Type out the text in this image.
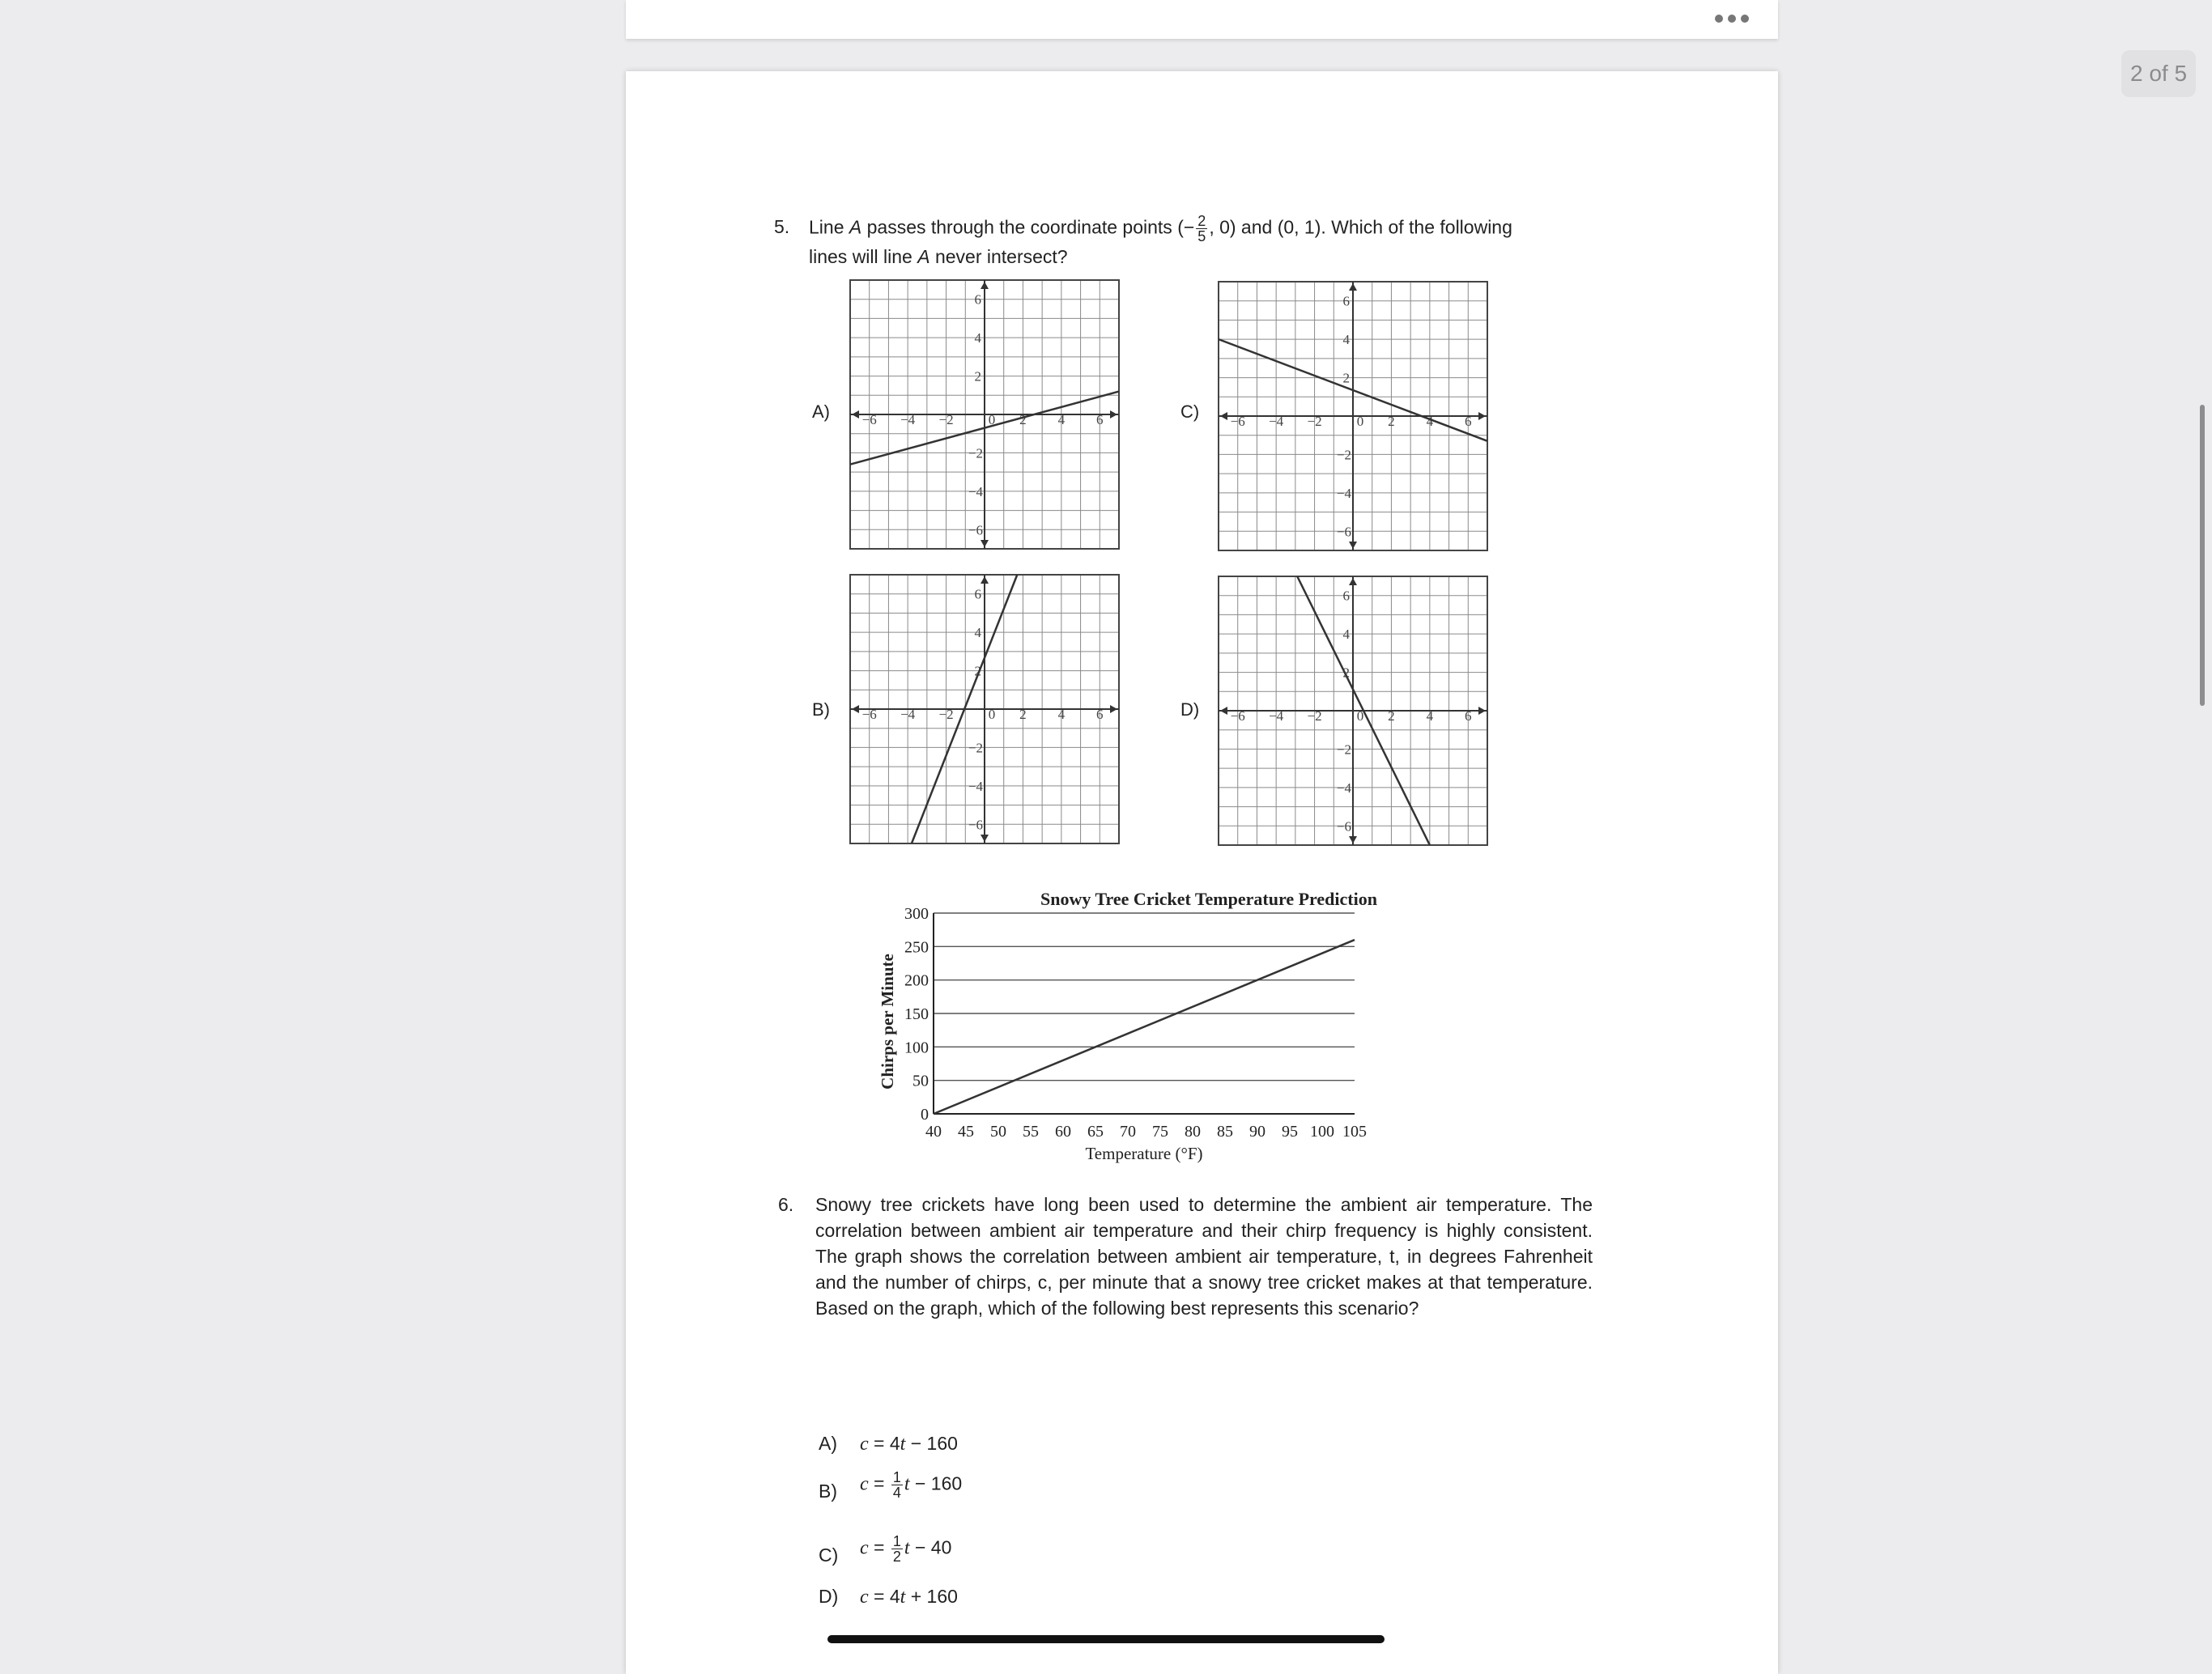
2 of 5
5. Line A passes through the coordinate points (− $\frac{2}{5}$ , 0) and (0, 1). Which of the following lines will line A never intersect?
A)	C)
B)	D)
−6 −4 −2	0 2 4 6
6
4
2
−2
−4
−6
−6 −4 −2	0 2 4 6
6
4
2
−2
−4
−6
−6 −4 −2	0 2 4 6
6
4
2
−2
−4
−6
−6 −4 −2	0 2 4 6
6
4
2
−2
−4
−6
Snowy Tree Cricket Temperature Prediction
0
50
100
150
200
250
300
40 45 50 55 60 65 70 75 80 85 90 95 100 105
Temperature (°F)
Chirps per Minute
6. Snowy tree crickets have long been used to determine the ambient air temperature. The correlation between ambient air temperature and their chirp frequency is highly consistent. The graph shows the correlation between ambient air temperature, t, in degrees Fahrenheit and the number of chirps, c, per minute that a snowy tree cricket makes at that temperature. Based on the graph, which of the following best represents this scenario?
A) c = 4t − 160
B) $c = \frac{1}{4}$ t − 160
C) $c = \frac{1}{2}$ t − 40
D) c = 4t + 160
